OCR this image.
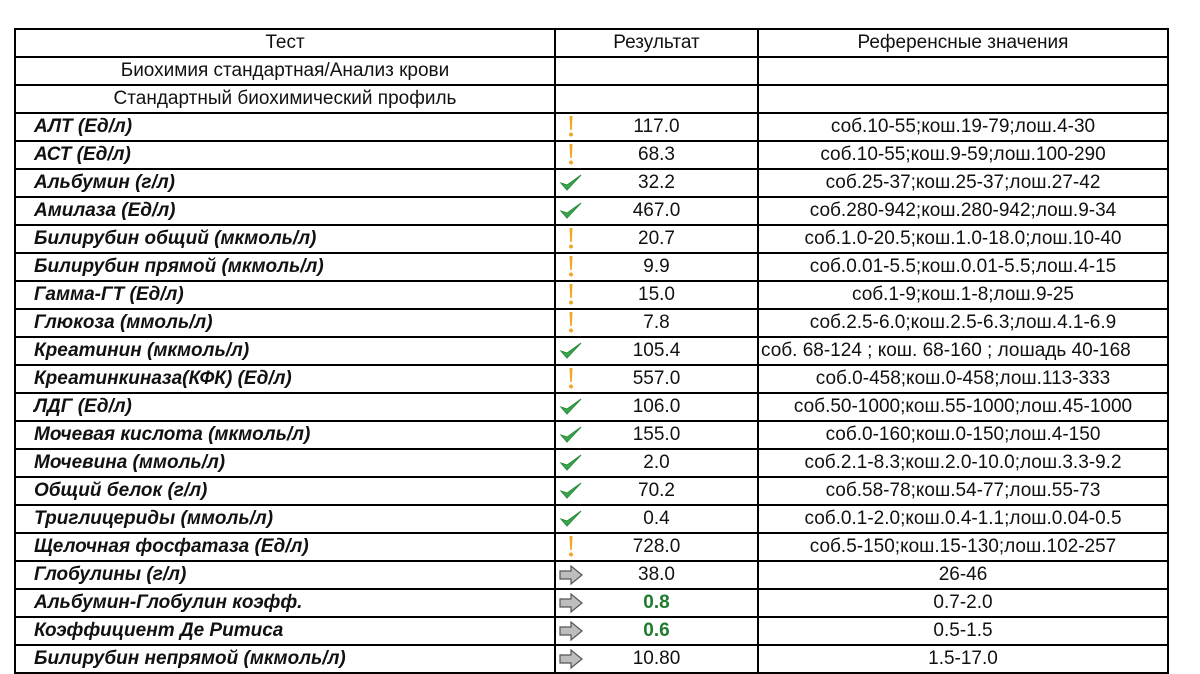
Тест	Результат	Референсные значения
Биохимия стандартная/Анализ крови		
Стандартный биохимический профиль		
АЛТ (Ед/л)	117.0	соб.10-55;кош.19-79;лош.4-30
АСТ (Ед/л)	68.3	соб.10-55;кош.9-59;лош.100-290
Альбумин (г/л)	32.2	соб.25-37;кош.25-37;лош.27-42
Амилаза (Ед/л)	467.0	соб.280-942;кош.280-942;лош.9-34
Билирубин общий (мкмоль/л)	20.7	соб.1.0-20.5;кош.1.0-18.0;лош.10-40
Билирубин прямой (мкмоль/л)	9.9	соб.0.01-5.5;кош.0.01-5.5;лош.4-15
Гамма-ГТ (Ед/л)	15.0	соб.1-9;кош.1-8;лош.9-25
Глюкоза (ммоль/л)	7.8	соб.2.5-6.0;кош.2.5-6.3;лош.4.1-6.9
Креатинин (мкмоль/л)	105.4	соб. 68-124 ; кош. 68-160 ; лошадь 40-168
Креатинкиназа(КФК) (Ед/л)	557.0	соб.0-458;кош.0-458;лош.113-333
ЛДГ (Ед/л)	106.0	соб.50-1000;кош.55-1000;лош.45-1000
Мочевая кислота (мкмоль/л)	155.0	соб.0-160;кош.0-150;лош.4-150
Мочевина (ммоль/л)	2.0	соб.2.1-8.3;кош.2.0-10.0;лош.3.3-9.2
Общий белок (г/л)	70.2	соб.58-78;кош.54-77;лош.55-73
Триглицериды (ммоль/л)	0.4	соб.0.1-2.0;кош.0.4-1.1;лош.0.04-0.5
Щелочная фосфатаза (Ед/л)	728.0	соб.5-150;кош.15-130;лош.102-257
Глобулины (г/л)	38.0	26-46
Альбумин-Глобулин коэфф.	0.8	0.7-2.0
Коэффициент Де Ритиса	0.6	0.5-1.5
Билирубин непрямой (мкмоль/л)	10.80	1.5-17.0
